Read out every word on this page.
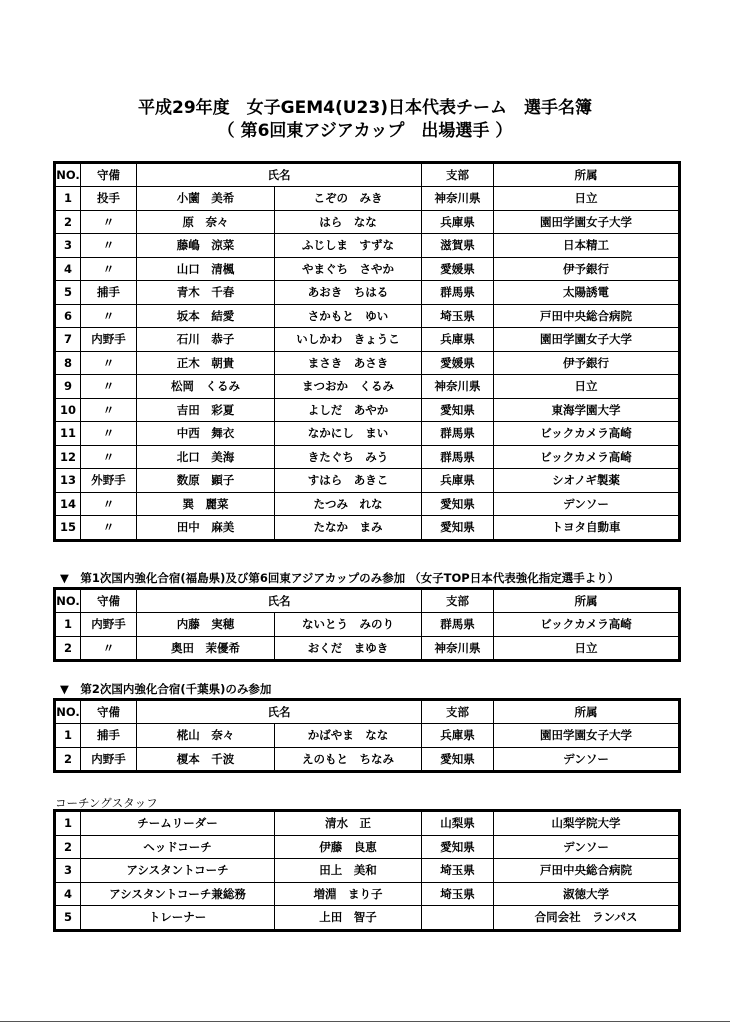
平成29年度　女子GEM4(U23)日本代表チーム　選手名簿
（ 第6回東アジアカップ　出場選手 ）
NO.	守備	氏名		支部	所属
1	投手	小薗　美希	こぞの　みき	神奈川県	日立
2	〃	原　奈々	はら　なな	兵庫県	園田学園女子大学
3	〃	藤嶋　涼菜	ふじしま　すずな	滋賀県	日本精工
4	〃	山口　清楓	やまぐち　さやか	愛媛県	伊予銀行
5	捕手	青木　千春	あおき　ちはる	群馬県	太陽誘電
6	〃	坂本　結愛	さかもと　ゆい	埼玉県	戸田中央総合病院
7	内野手	石川　恭子	いしかわ　きょうこ	兵庫県	園田学園女子大学
8	〃	正木　朝貴	まさき　あさき	愛媛県	伊予銀行
9	〃	松岡　くるみ	まつおか　くるみ	神奈川県	日立
10	〃	吉田　彩夏	よしだ　あやか	愛知県	東海学園大学
11	〃	中西　舞衣	なかにし　まい	群馬県	ビックカメラ高崎
12	〃	北口　美海	きたぐち　みう	群馬県	ビックカメラ高崎
13	外野手	数原　顕子	すはら　あきこ	兵庫県	シオノギ製薬
14	〃	巽　麗菜	たつみ　れな	愛知県	デンソー
15	〃	田中　麻美	たなか　まみ	愛知県	トヨタ自動車
▼　第1次国内強化合宿(福島県)及び第6回東アジアカップのみ参加 （女子TOP日本代表強化指定選手より）
NO.	守備	氏名		支部	所属
1	内野手	内藤　実穂	ないとう　みのり	群馬県	ビックカメラ高崎
2	〃	奥田　茉優希	おくだ　まゆき	神奈川県	日立
▼　第2次国内強化合宿(千葉県)のみ参加
NO.	守備	氏名		支部	所属
1	捕手	椛山　奈々	かばやま　なな	兵庫県	園田学園女子大学
2	内野手	榎本　千波	えのもと　ちなみ	愛知県	デンソー
コーチングスタッフ
1	チームリーダー	清水　正	山梨県	山梨学院大学
2	ヘッドコーチ	伊藤　良恵	愛知県	デンソー
3	アシスタントコーチ	田上　美和	埼玉県	戸田中央総合病院
4	アシスタントコーチ兼総務	増淵　まり子	埼玉県	淑徳大学
5	トレーナー	上田　智子		合同会社　ランパス
